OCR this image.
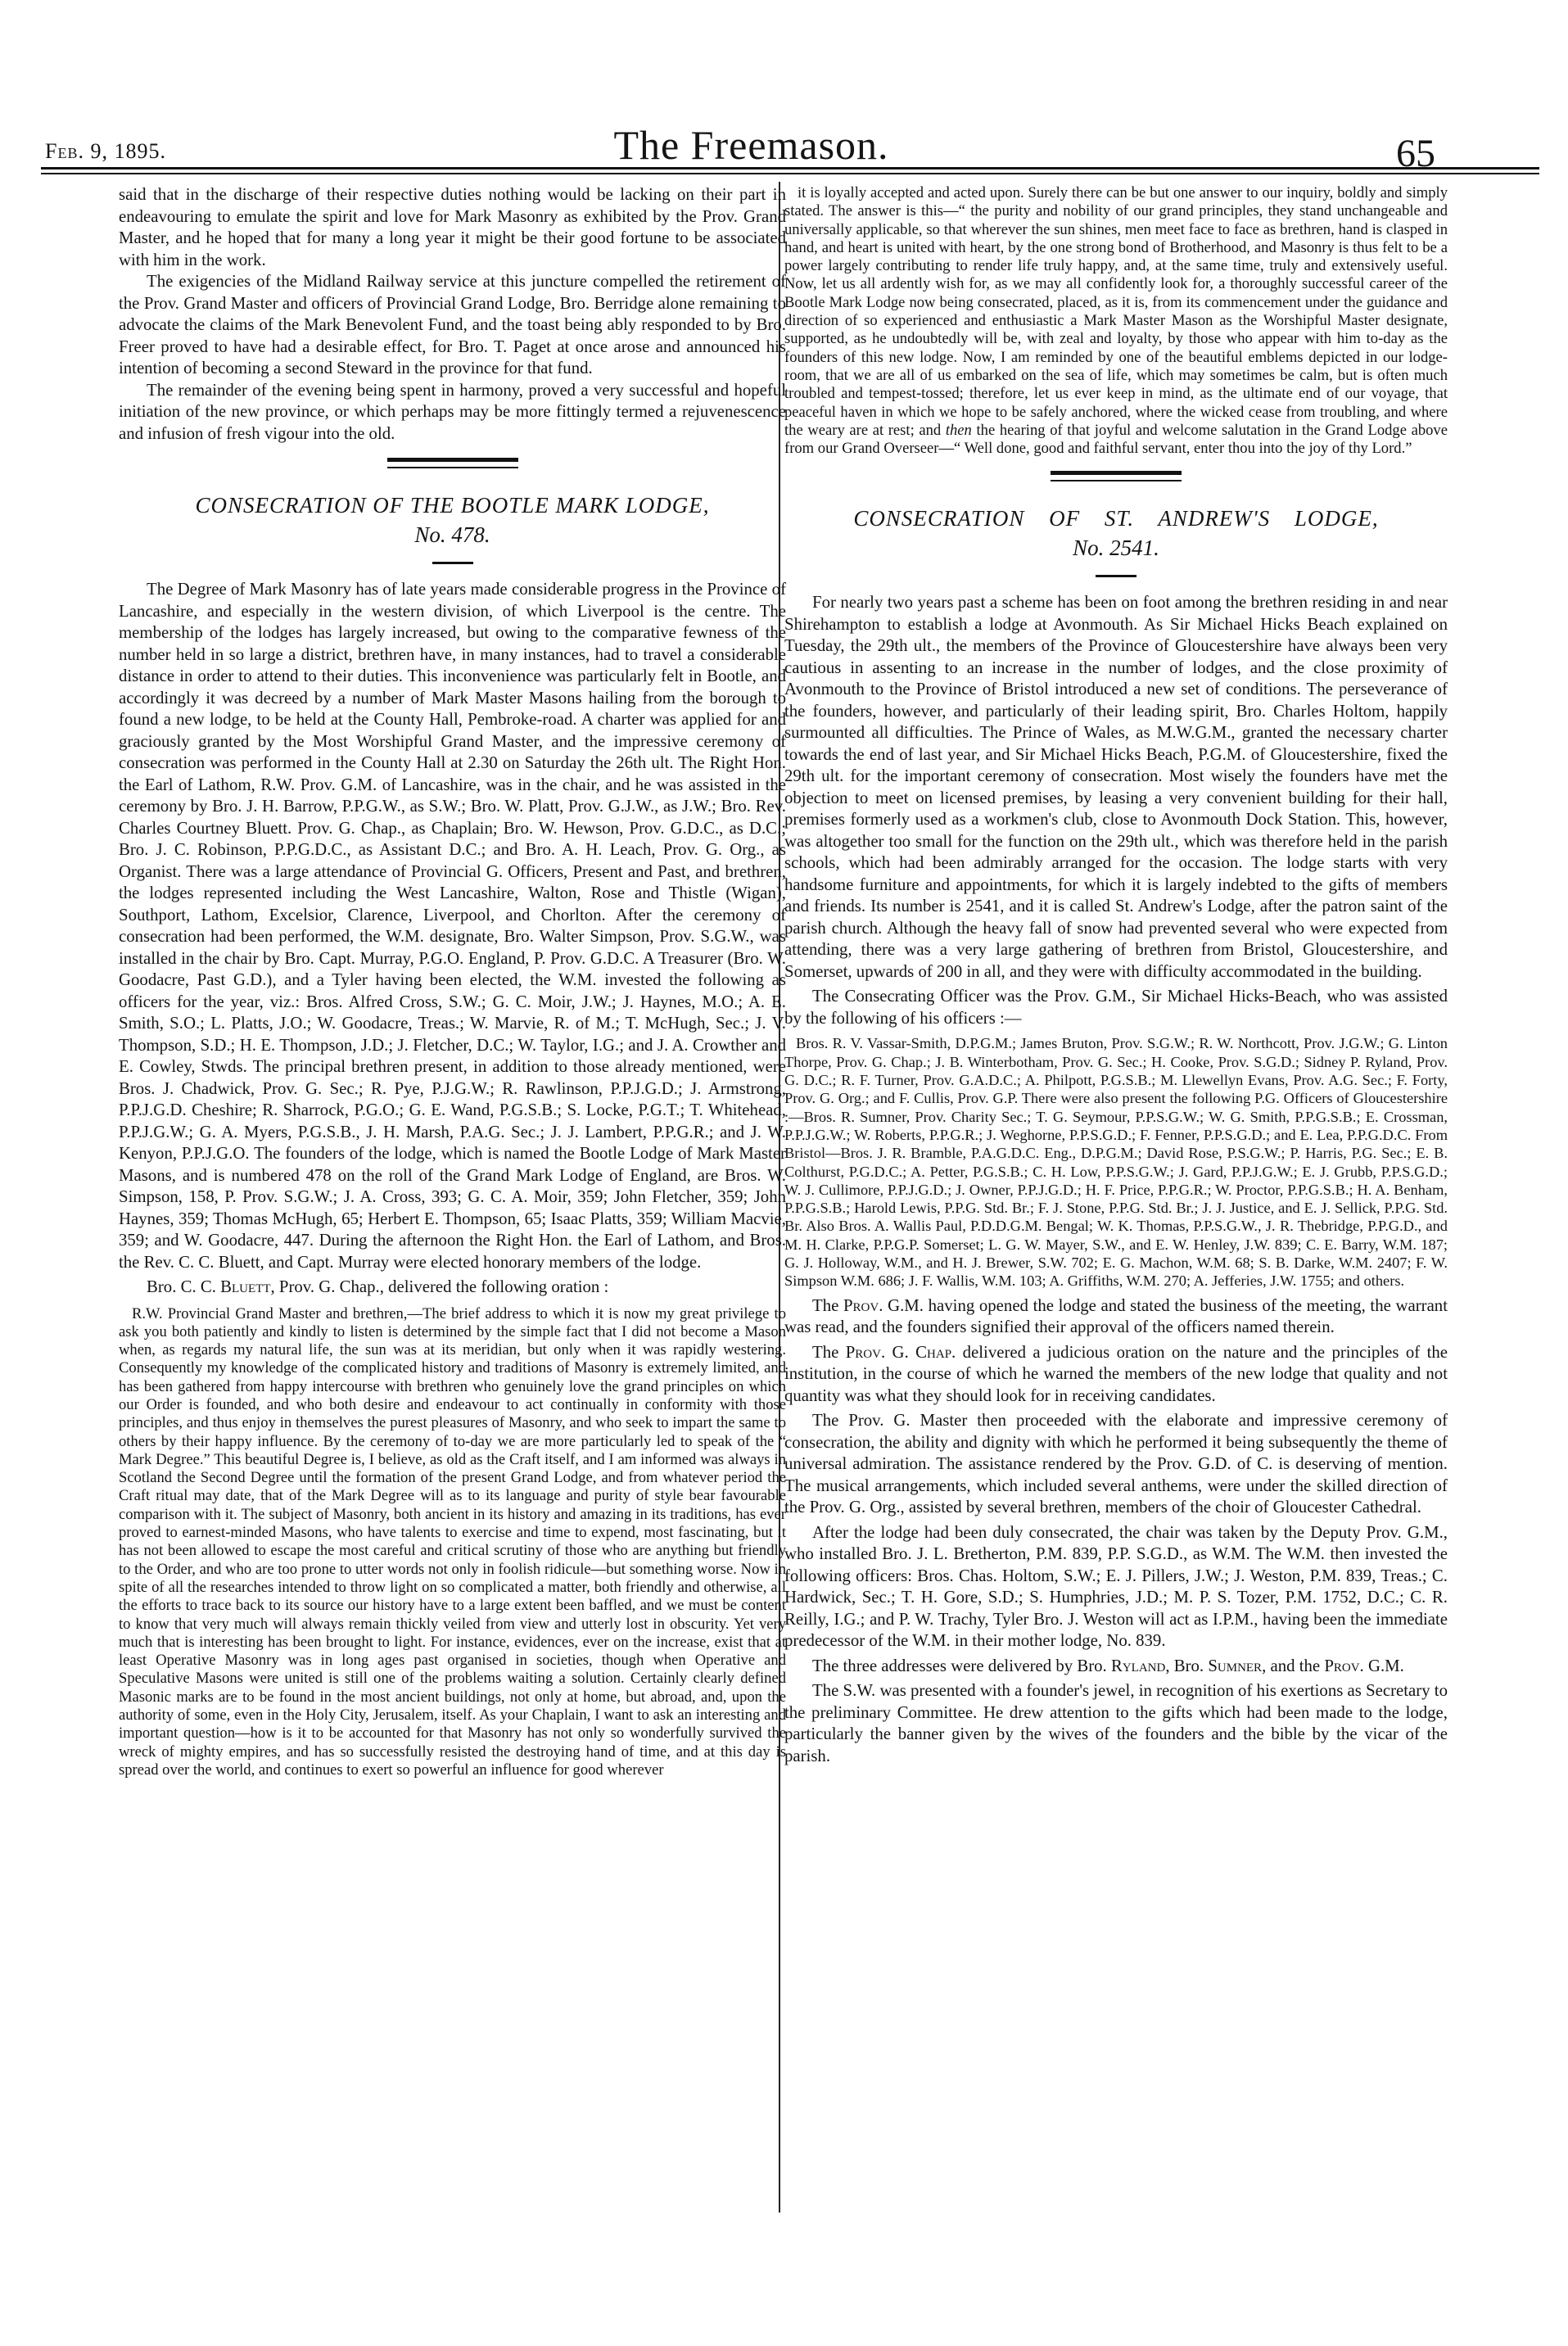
Feb. 9, 1895.	The Freemason.	65

said that in the discharge of their respective duties nothing would be lacking on their part in endeavouring to emulate the spirit and love for Mark Masonry as exhibited by the Prov. Grand Master, and he hoped that for many a long year it might be their good fortune to be associated with him in the work.

The exigencies of the Midland Railway service at this juncture compelled the retirement of the Prov. Grand Master and officers of Provincial Grand Lodge, Bro. Berridge alone remaining to advocate the claims of the Mark Benevolent Fund, and the toast being ably responded to by Bro. Freer proved to have had a desirable effect, for Bro. T. Paget at once arose and announced his intention of becoming a second Steward in the province for that fund.

The remainder of the evening being spent in harmony, proved a very successful and hopeful initiation of the new province, or which perhaps may be more fittingly termed a rejuvenescence and infusion of fresh vigour into the old.

CONSECRATION OF THE BOOTLE MARK LODGE,
No. 478.

The Degree of Mark Masonry has of late years made considerable progress in the Province of Lancashire, and especially in the western division, of which Liverpool is the centre. The membership of the lodges has largely increased, but owing to the comparative fewness of the number held in so large a district, brethren have, in many instances, had to travel a considerable distance in order to attend to their duties. This inconvenience was particularly felt in Bootle, and accordingly it was decreed by a number of Mark Master Masons hailing from the borough to found a new lodge, to be held at the County Hall, Pembroke-road. A charter was applied for and graciously granted by the Most Worshipful Grand Master, and the impressive ceremony of consecration was performed in the County Hall at 2.30 on Saturday the 26th ult. The Right Hon. the Earl of Lathom, R.W. Prov. G.M. of Lancashire, was in the chair, and he was assisted in the ceremony by Bro. J. H. Barrow, P.P.G.W., as S.W.; Bro. W. Platt, Prov. G.J.W., as J.W.; Bro. Rev. Charles Courtney Bluett. Prov. G. Chap., as Chaplain; Bro. W. Hewson, Prov. G.D.C., as D.C.; Bro. J. C. Robinson, P.P.G.D.C., as Assistant D.C.; and Bro. A. H. Leach, Prov. G. Org., as Organist. There was a large attendance of Provincial G. Officers, Present and Past, and brethren, the lodges represented including the West Lancashire, Walton, Rose and Thistle (Wigan), Southport, Lathom, Excelsior, Clarence, Liverpool, and Chorlton. After the ceremony of consecration had been performed, the W.M. designate, Bro. Walter Simpson, Prov. S.G.W., was installed in the chair by Bro. Capt. Murray, P.G.O. England, P. Prov. G.D.C. A Treasurer (Bro. W. Goodacre, Past G.D.), and a Tyler having been elected, the W.M. invested the following as officers for the year, viz.: Bros. Alfred Cross, S.W.; G. C. Moir, J.W.; J. Haynes, M.O.; A. E. Smith, S.O.; L. Platts, J.O.; W. Goodacre, Treas.; W. Marvie, R. of M.; T. McHugh, Sec.; J. V. Thompson, S.D.; H. E. Thompson, J.D.; J. Fletcher, D.C.; W. Taylor, I.G.; and J. A. Crowther and E. Cowley, Stwds. The principal brethren present, in addition to those already mentioned, were Bros. J. Chadwick, Prov. G. Sec.; R. Pye, P.J.G.W.; R. Rawlinson, P.P.J.G.D.; J. Armstrong, P.P.J.G.D. Cheshire; R. Sharrock, P.G.O.; G. E. Wand, P.G.S.B.; S. Locke, P.G.T.; T. Whitehead, P.P.J.G.W.; G. A. Myers, P.G.S.B., J. H. Marsh, P.A.G. Sec.; J. J. Lambert, P.P.G.R.; and J. W. Kenyon, P.P.J.G.O. The founders of the lodge, which is named the Bootle Lodge of Mark Master Masons, and is numbered 478 on the roll of the Grand Mark Lodge of England, are Bros. W. Simpson, 158, P. Prov. S.G.W.; J. A. Cross, 393; G. C. A. Moir, 359; John Fletcher, 359; John Haynes, 359; Thomas McHugh, 65; Herbert E. Thompson, 65; Isaac Platts, 359; William Macvie, 359; and W. Goodacre, 447. During the afternoon the Right Hon. the Earl of Lathom, and Bros. the Rev. C. C. Bluett, and Capt. Murray were elected honorary members of the lodge.

Bro. C. C. Bluett, Prov. G. Chap., delivered the following oration :

R.W. Provincial Grand Master and brethren,—The brief address to which it is now my great privilege to ask you both patiently and kindly to listen is determined by the simple fact that I did not become a Mason when, as regards my natural life, the sun was at its meridian, but only when it was rapidly westering. Consequently my knowledge of the complicated history and traditions of Masonry is extremely limited, and has been gathered from happy intercourse with brethren who genuinely love the grand principles on which our Order is founded, and who both desire and endeavour to act continually in conformity with those principles, and thus enjoy in themselves the purest pleasures of Masonry, and who seek to impart the same to others by their happy influence. By the ceremony of to-day we are more particularly led to speak of the “ Mark Degree.” This beautiful Degree is, I believe, as old as the Craft itself, and I am informed was always in Scotland the Second Degree until the formation of the present Grand Lodge, and from whatever period the Craft ritual may date, that of the Mark Degree will as to its language and purity of style bear favourable comparison with it. The subject of Masonry, both ancient in its history and amazing in its traditions, has ever proved to earnest-minded Masons, who have talents to exercise and time to expend, most fascinating, but it has not been allowed to escape the most careful and critical scrutiny of those who are anything but friendly to the Order, and who are too prone to utter words not only in foolish ridicule—but something worse. Now in spite of all the researches intended to throw light on so complicated a matter, both friendly and otherwise, all the efforts to trace back to its source our history have to a large extent been baffled, and we must be content to know that very much will always remain thickly veiled from view and utterly lost in obscurity. Yet very much that is interesting has been brought to light. For instance, evidences, ever on the increase, exist that at least Operative Masonry was in long ages past organised in societies, though when Operative and Speculative Masons were united is still one of the problems waiting a solution. Certainly clearly defined Masonic marks are to be found in the most ancient buildings, not only at home, but abroad, and, upon the authority of some, even in the Holy City, Jerusalem, itself. As your Chaplain, I want to ask an interesting and important question—how is it to be accounted for that Masonry has not only so wonderfully survived the wreck of mighty empires, and has so successfully resisted the destroying hand of time, and at this day is spread over the world, and continues to exert so powerful an influence for good wherever

it is loyally accepted and acted upon. Surely there can be but one answer to our inquiry, boldly and simply stated. The answer is this—“ the purity and nobility of our grand principles, they stand unchangeable and universally applicable, so that wherever the sun shines, men meet face to face as brethren, hand is clasped in hand, and heart is united with heart, by the one strong bond of Brotherhood, and Masonry is thus felt to be a power largely contributing to render life truly happy, and, at the same time, truly and extensively useful. Now, let us all ardently wish for, as we may all confidently look for, a thoroughly successful career of the Bootle Mark Lodge now being consecrated, placed, as it is, from its commencement under the guidance and direction of so experienced and enthusiastic a Mark Master Mason as the Worshipful Master designate, supported, as he undoubtedly will be, with zeal and loyalty, by those who appear with him to-day as the founders of this new lodge. Now, I am reminded by one of the beautiful emblems depicted in our lodge-room, that we are all of us embarked on the sea of life, which may sometimes be calm, but is often much troubled and tempest-tossed; therefore, let us ever keep in mind, as the ultimate end of our voyage, that peaceful haven in which we hope to be safely anchored, where the wicked cease from troubling, and where the weary are at rest; and then the hearing of that joyful and welcome salutation in the Grand Lodge above from our Grand Overseer—“ Well done, good and faithful servant, enter thou into the joy of thy Lord.”

CONSECRATION OF ST. ANDREW'S LODGE,
No. 2541.

For nearly two years past a scheme has been on foot among the brethren residing in and near Shirehampton to establish a lodge at Avonmouth. As Sir Michael Hicks Beach explained on Tuesday, the 29th ult., the members of the Province of Gloucestershire have always been very cautious in assenting to an increase in the number of lodges, and the close proximity of Avonmouth to the Province of Bristol introduced a new set of conditions. The perseverance of the founders, however, and particularly of their leading spirit, Bro. Charles Holtom, happily surmounted all difficulties. The Prince of Wales, as M.W.G.M., granted the necessary charter towards the end of last year, and Sir Michael Hicks Beach, P.G.M. of Gloucestershire, fixed the 29th ult. for the important ceremony of consecration. Most wisely the founders have met the objection to meet on licensed premises, by leasing a very convenient building for their hall, premises formerly used as a workmen's club, close to Avonmouth Dock Station. This, however, was altogether too small for the function on the 29th ult., which was therefore held in the parish schools, which had been admirably arranged for the occasion. The lodge starts with very handsome furniture and appointments, for which it is largely indebted to the gifts of members and friends. Its number is 2541, and it is called St. Andrew's Lodge, after the patron saint of the parish church. Although the heavy fall of snow had prevented several who were expected from attending, there was a very large gathering of brethren from Bristol, Gloucestershire, and Somerset, upwards of 200 in all, and they were with difficulty accommodated in the building.

The Consecrating Officer was the Prov. G.M., Sir Michael Hicks-Beach, who was assisted by the following of his officers :—

Bros. R. V. Vassar-Smith, D.P.G.M.; James Bruton, Prov. S.G.W.; R. W. Northcott, Prov. J.G.W.; G. Linton Thorpe, Prov. G. Chap.; J. B. Winterbotham, Prov. G. Sec.; H. Cooke, Prov. S.G.D.; Sidney P. Ryland, Prov. G. D.C.; R. F. Turner, Prov. G.A.D.C.; A. Philpott, P.G.S.B.; M. Llewellyn Evans, Prov. A.G. Sec.; F. Forty, Prov. G. Org.; and F. Cullis, Prov. G.P. There were also present the following P.G. Officers of Gloucestershire :—Bros. R. Sumner, Prov. Charity Sec.; T. G. Seymour, P.P.S.G.W.; W. G. Smith, P.P.G.S.B.; E. Crossman, P.P.J.G.W.; W. Roberts, P.P.G.R.; J. Weghorne, P.P.S.G.D.; F. Fenner, P.P.S.G.D.; and E. Lea, P.P.G.D.C. From Bristol—Bros. J. R. Bramble, P.A.G.D.C. Eng., D.P.G.M.; David Rose, P.S.G.W.; P. Harris, P.G. Sec.; E. B. Colthurst, P.G.D.C.; A. Petter, P.G.S.B.; C. H. Low, P.P.S.G.W.; J. Gard, P.P.J.G.W.; E. J. Grubb, P.P.S.G.D.; W. J. Cullimore, P.P.J.G.D.; J. Owner, P.P.J.G.D.; H. F. Price, P.P.G.R.; W. Proctor, P.P.G.S.B.; H. A. Benham, P.P.G.S.B.; Harold Lewis, P.P.G. Std. Br.; F. J. Stone, P.P.G. Std. Br.; J. J. Justice, and E. J. Sellick, P.P.G. Std. Br. Also Bros. A. Wallis Paul, P.D.D.G.M. Bengal; W. K. Thomas, P.P.S.G.W., J. R. Thebridge, P.P.G.D., and M. H. Clarke, P.P.G.P. Somerset; L. G. W. Mayer, S.W., and E. W. Henley, J.W. 839; C. E. Barry, W.M. 187; G. J. Holloway, W.M., and H. J. Brewer, S.W. 702; E. G. Machon, W.M. 68; S. B. Darke, W.M. 2407; F. W. Simpson W.M. 686; J. F. Wallis, W.M. 103; A. Griffiths, W.M. 270; A. Jefferies, J.W. 1755; and others.

The Prov. G.M. having opened the lodge and stated the business of the meeting, the warrant was read, and the founders signified their approval of the officers named therein.

The Prov. G. Chap. delivered a judicious oration on the nature and the principles of the institution, in the course of which he warned the members of the new lodge that quality and not quantity was what they should look for in receiving candidates.

The Prov. G. Master then proceeded with the elaborate and impressive ceremony of consecration, the ability and dignity with which he performed it being subsequently the theme of universal admiration. The assistance rendered by the Prov. G.D. of C. is deserving of mention. The musical arrangements, which included several anthems, were under the skilled direction of the Prov. G. Org., assisted by several brethren, members of the choir of Gloucester Cathedral.

After the lodge had been duly consecrated, the chair was taken by the Deputy Prov. G.M., who installed Bro. J. L. Bretherton, P.M. 839, P.P. S.G.D., as W.M. The W.M. then invested the following officers: Bros. Chas. Holtom, S.W.; E. J. Pillers, J.W.; J. Weston, P.M. 839, Treas.; C. Hardwick, Sec.; T. H. Gore, S.D.; S. Humphries, J.D.; M. P. S. Tozer, P.M. 1752, D.C.; C. R. Reilly, I.G.; and P. W. Trachy, Tyler Bro. J. Weston will act as I.P.M., having been the immediate predecessor of the W.M. in their mother lodge, No. 839.

The three addresses were delivered by Bro. Ryland, Bro. Sumner, and the Prov. G.M.

The S.W. was presented with a founder's jewel, in recognition of his exertions as Secretary to the preliminary Committee. He drew attention to the gifts which had been made to the lodge, particularly the banner given by the wives of the founders and the bible by the vicar of the parish.
